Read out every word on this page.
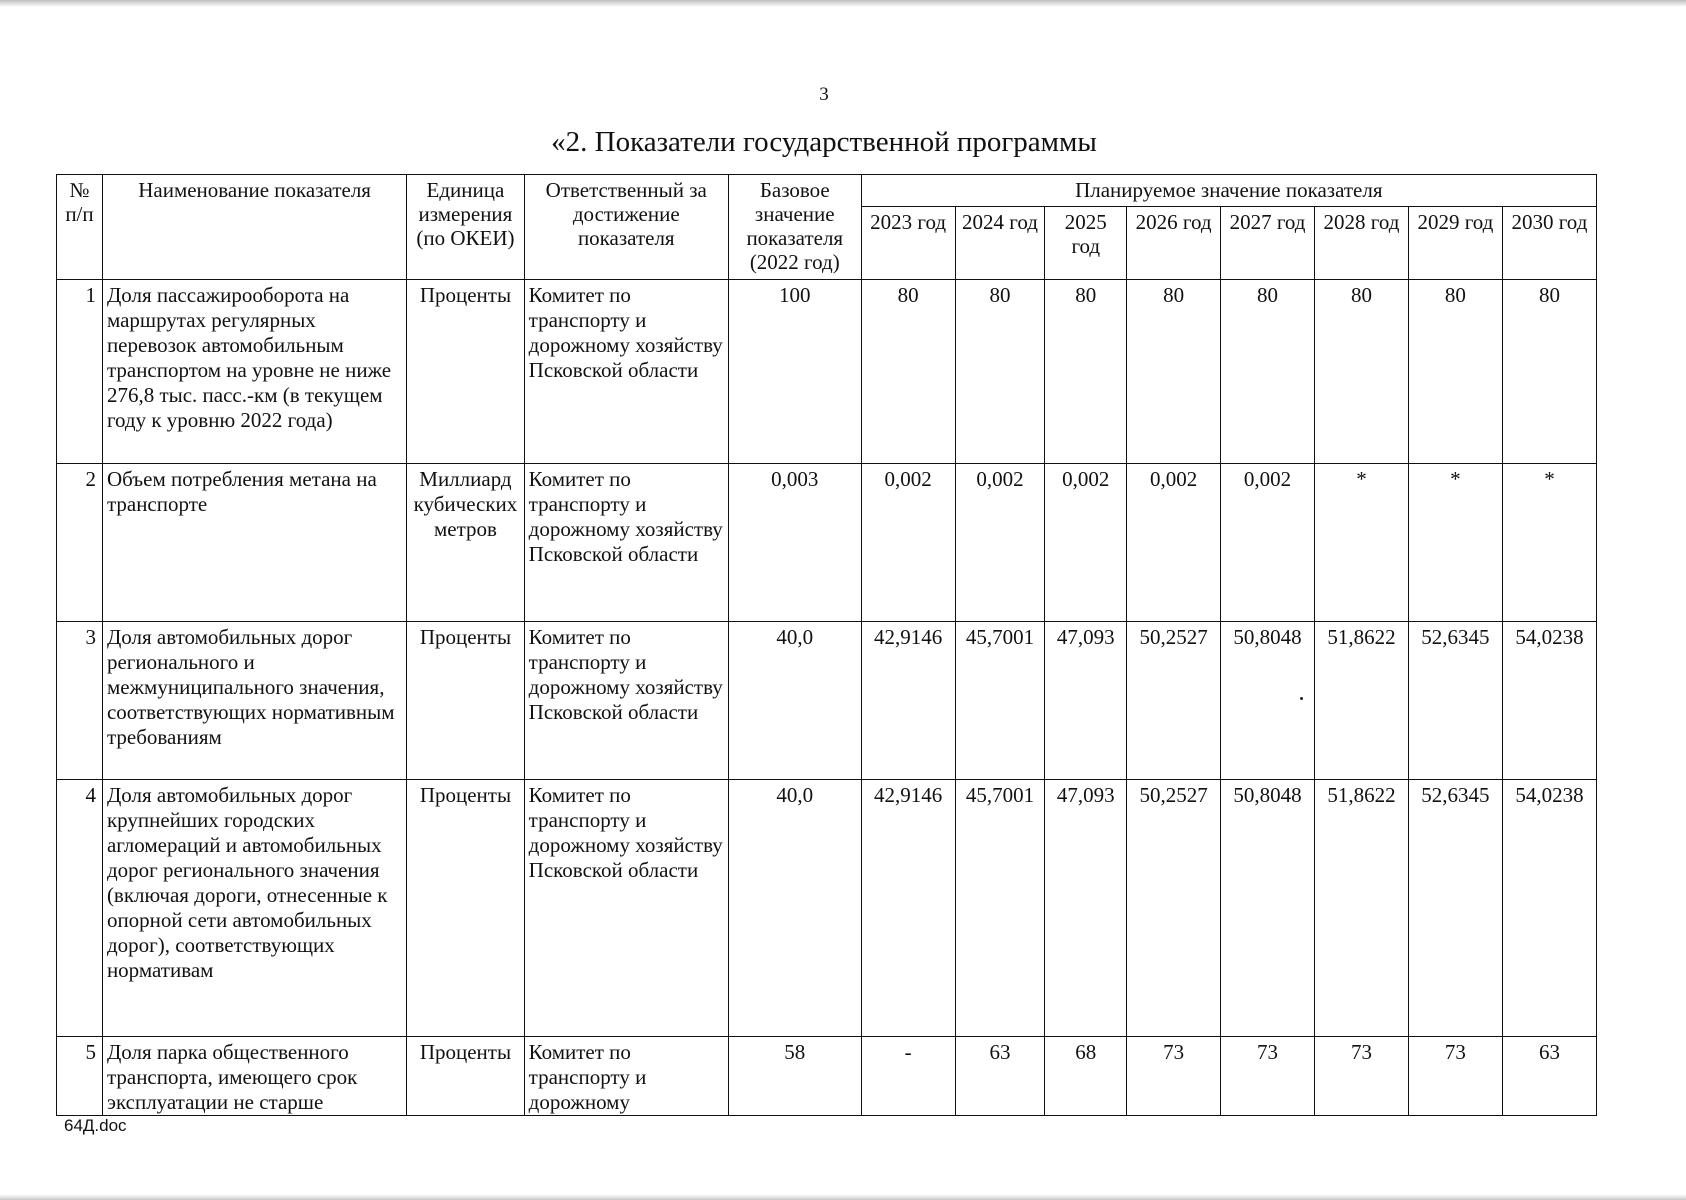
3
«2. Показатели государственной программы
№ п/п	Наименование показателя	Единица измерения (по ОКЕИ)	Ответственный за достижение показателя	Базовое значение показателя (2022 год)	Планируемое значение показателя							
					2023 год	2024 год	2025 год	2026 год	2027 год	2028 год	2029 год	2030 год
1	Доля пассажирооборота на маршрутах регулярных перевозок автомобильным транспортом на уровне не ниже 276,8 тыс. пасс.-км (в текущем году к уровню 2022 года)	Проценты	Комитет по транспорту и дорожному хозяйству Псковской области	100	80	80	80	80	80	80	80	80
2	Объем потребления метана на транспорте	Миллиард кубических метров	Комитет по транспорту и дорожному хозяйству Псковской области	0,003	0,002	0,002	0,002	0,002	0,002	*	*	*
3	Доля автомобильных дорог регионального и межмуниципального значения, соответствующих нормативным требованиям	Проценты	Комитет по транспорту и дорожному хозяйству Псковской области	40,0	42,9146	45,7001	47,093	50,2527	50,8048	51,8622	52,6345	54,0238
4	Доля автомобильных дорог крупнейших городских агломераций и автомобильных дорог регионального значения (включая дороги, отнесенные к опорной сети автомобильных дорог), соответствующих нормативам	Проценты	Комитет по транспорту и дорожному хозяйству Псковской области	40,0	42,9146	45,7001	47,093	50,2527	50,8048	51,8622	52,6345	54,0238
5	Доля парка общественного транспорта, имеющего срок эксплуатации не старше	Проценты	Комитет по транспорту и дорожному	58	-	63	68	73	73	73	73	63
64Д.doc
